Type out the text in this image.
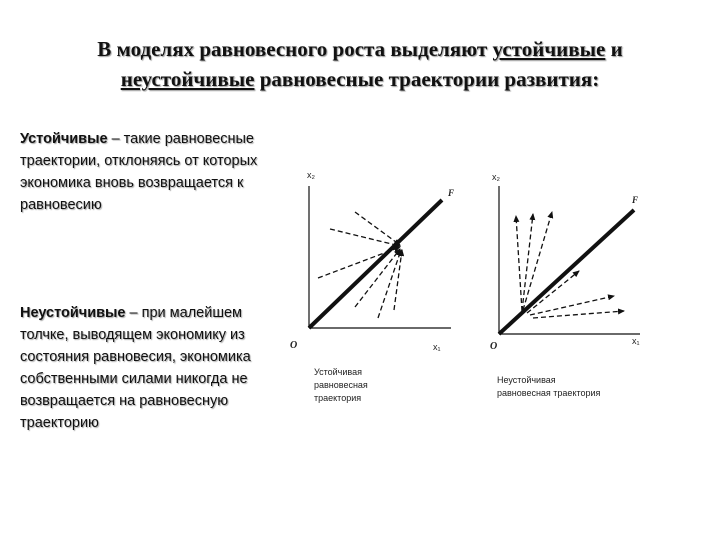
В моделях равновесного роста выделяют устойчивые и
неустойчивые равновесные траектории развития:
Устойчивые – такие равновесные траектории, отклоняясь от которых экономика вновь возвращается к равновесию
Неустойчивые – при малейшем толчке, выводящем экономику из состояния равновесия, экономика собственными силами никогда не возвращается на равновесную траекторию
x₂
x₁
O
F
x₂
x₁
O
F
Устойчивая равновесная траектория
Неустойчивая равновесная траектория
